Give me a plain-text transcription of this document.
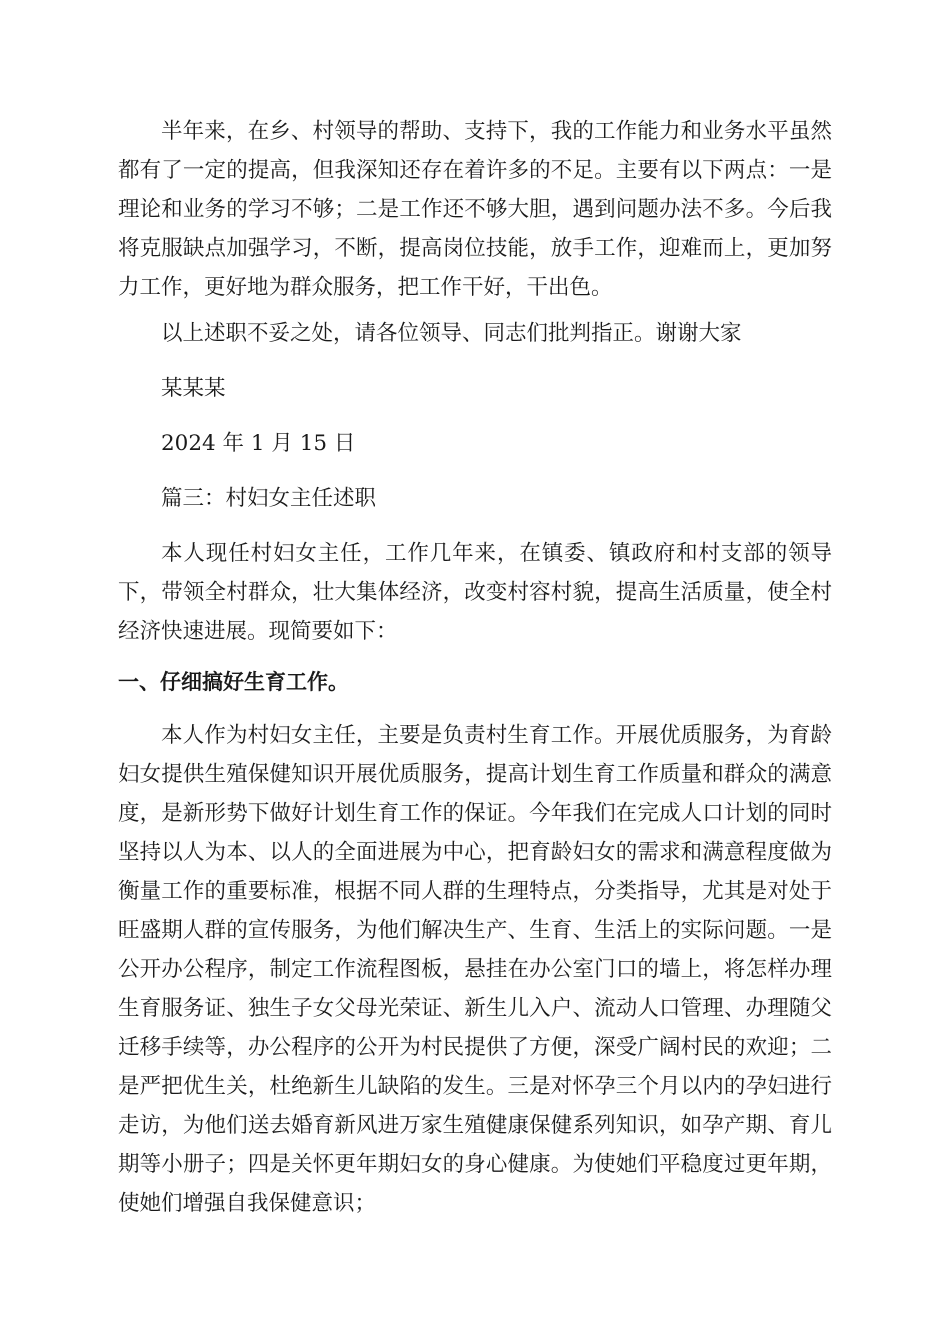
半年来，在乡、村领导的帮助、支持下，我的工作能力和业务水平虽然都有了一定的提高，但我深知还存在着许多的不足。主要有以下两点：一是理论和业务的学习不够；二是工作还不够大胆，遇到问题办法不多。今后我将克服缺点加强学习，不断，提高岗位技能，放手工作，迎难而上，更加努力工作，更好地为群众服务，把工作干好，干出色。

以上述职不妥之处，请各位领导、同志们批判指正。谢谢大家

某某某

2024 年 1 月 15 日

篇三：村妇女主任述职

本人现任村妇女主任，工作几年来，在镇委、镇政府和村支部的领导下，带领全村群众，壮大集体经济，改变村容村貌，提高生活质量，使全村经济快速进展。现简要如下：

一、仔细搞好生育工作。

本人作为村妇女主任，主要是负责村生育工作。开展优质服务，为育龄妇女提供生殖保健知识开展优质服务，提高计划生育工作质量和群众的满意度，是新形势下做好计划生育工作的保证。今年我们在完成人口计划的同时坚持以人为本、以人的全面进展为中心，把育龄妇女的需求和满意程度做为衡量工作的重要标准，根据不同人群的生理特点，分类指导，尤其是对处于旺盛期人群的宣传服务，为他们解决生产、生育、生活上的实际问题。一是公开办公程序，制定工作流程图板，悬挂在办公室门口的墙上，将怎样办理生育服务证、独生子女父母光荣证、新生儿入户、流动人口管理、办理随父迁移手续等，办公程序的公开为村民提供了方便，深受广阔村民的欢迎；二是严把优生关，杜绝新生儿缺陷的发生。三是对怀孕三个月以内的孕妇进行走访，为他们送去婚育新风进万家生殖健康保健系列知识，如孕产期、育儿期等小册子；四是关怀更年期妇女的身心健康。为使她们平稳度过更年期，使她们增强自我保健意识；
